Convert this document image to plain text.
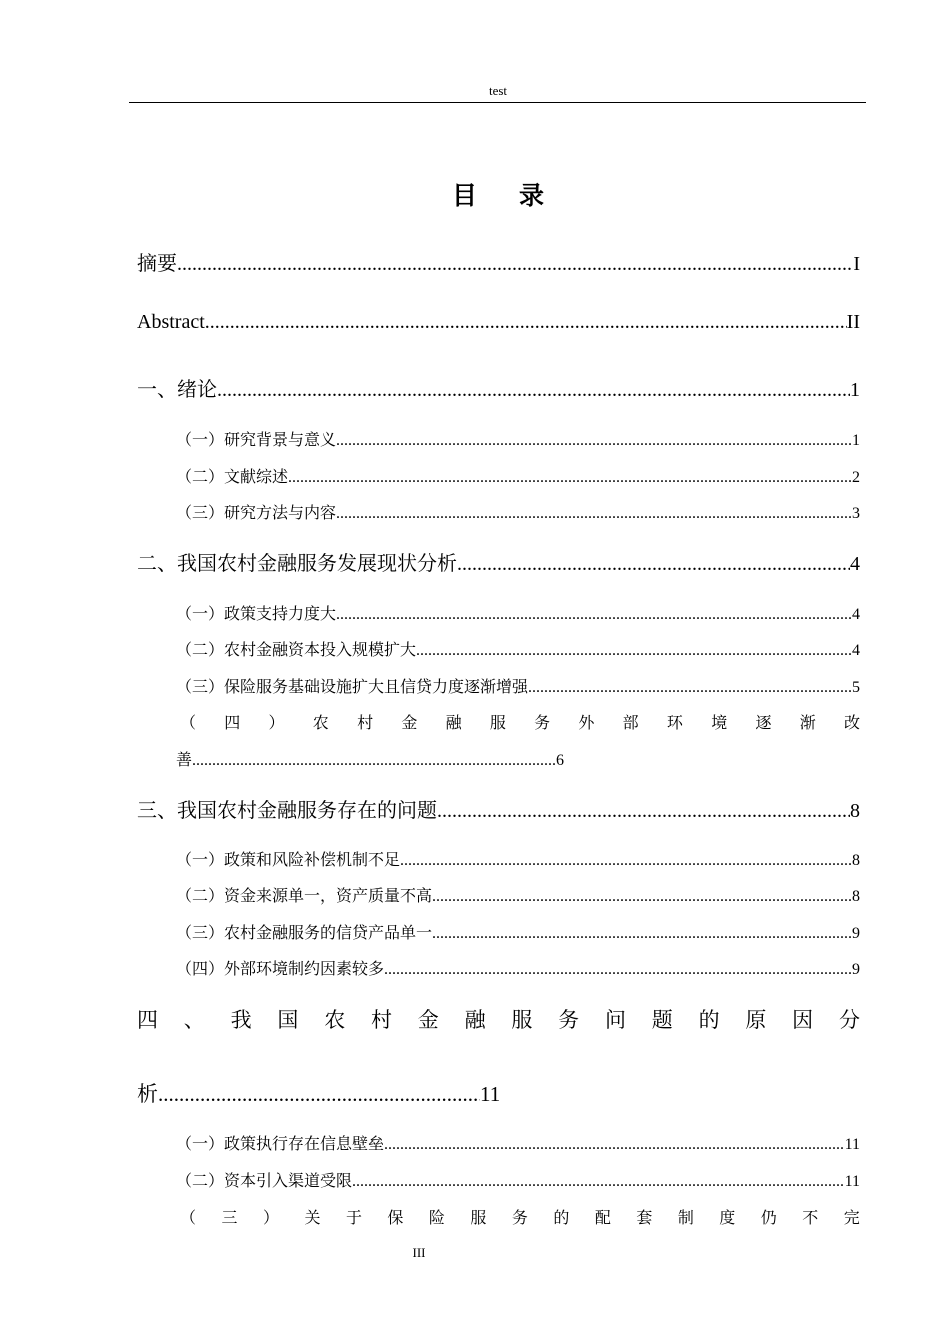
test
目录
摘要 .....	I
Abstract .....	II
一、绪论 .....	1
（一）研究背景与意义 .....	1
（二）文献综述 .....	2
（三）研究方法与内容 .....	3
二、我国农村金融服务发展现状分析 .....	4
（一）政策支持力度大 .....	4
（二）农村金融资本投入规模扩大 .....	4
（三）保险服务基础设施扩大且信贷力度逐渐增强 .....	5
（ 四 ） 农 村 金 融 服 务 外 部 环 境 逐 渐 改
善 .....	6
三、我国农村金融服务存在的问题 .....	8
（一）政策和风险补偿机制不足 .....	8
（二）资金来源单一，资产质量不高 .....	8
（三）农村金融服务的信贷产品单一 .....	9
（四）外部环境制约因素较多 .....	9
四 、 我 国 农 村 金 融 服 务 问 题 的 原 因 分
析 .....	11
（一）政策执行存在信息壁垒 .....	11
（二）资本引入渠道受限 .....	11
（ 三 ） 关 于 保 险 服 务 的 配 套 制 度 仍 不 完
III
